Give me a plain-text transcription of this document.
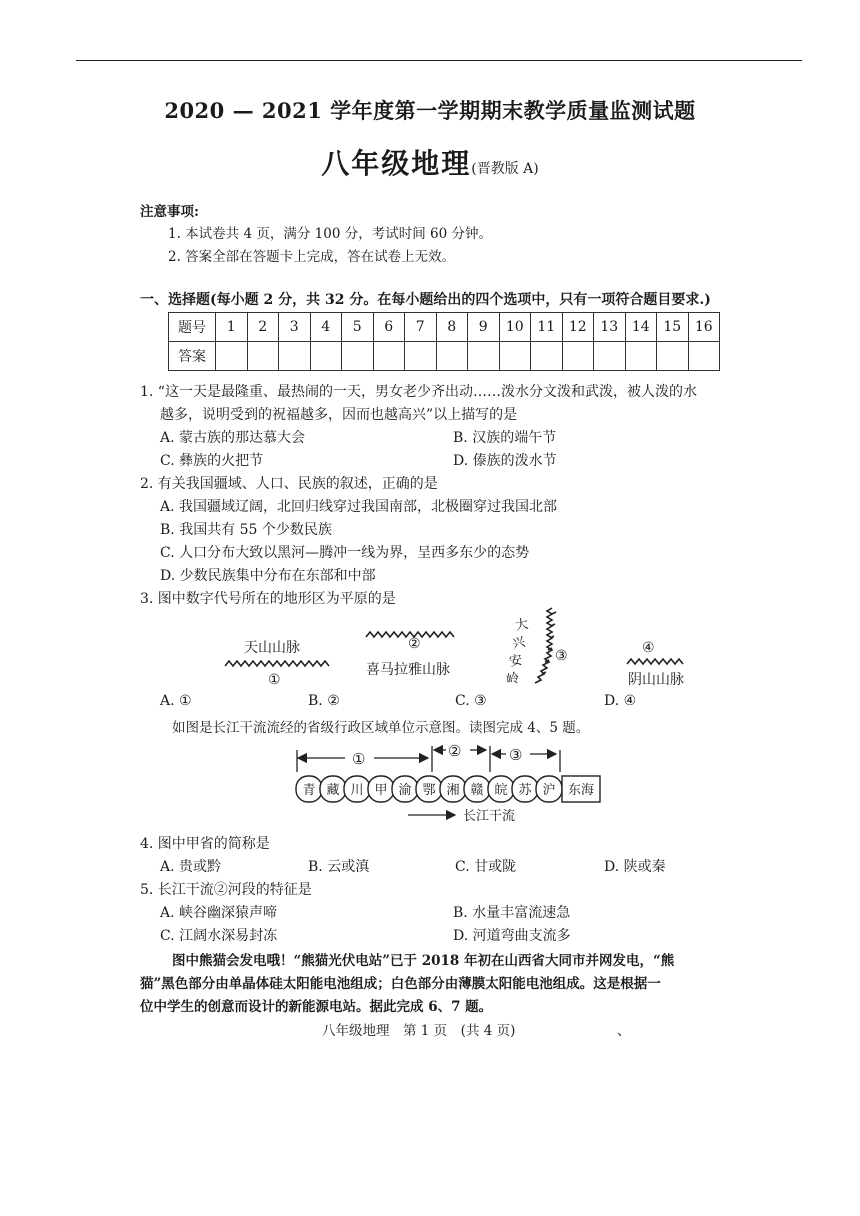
2020 — 2021 学年度第一学期期末教学质量监测试题
八年级地理(晋教版 A)
注意事项:
1. 本试卷共 4 页，满分 100 分，考试时间 60 分钟。
2. 答案全部在答题卡上完成，答在试卷上无效。
一、选择题(每小题 2 分，共 32 分。在每小题给出的四个选项中，只有一项符合题目要求.)
题号	1	2	3	4	5	6	7	8	9	10	11	12	13	14	15	16
答案																
1. “这一天是最隆重、最热闹的一天，男女老少齐出动……泼水分文泼和武泼，被人泼的水
越多，说明受到的祝福越多，因而也越高兴”以上描写的是
A. 蒙古族的那达慕大会	B. 汉族的端午节
C. 彝族的火把节	D. 傣族的泼水节
2. 有关我国疆域、人口、民族的叙述，正确的是
A. 我国疆域辽阔，北回归线穿过我国南部，北极圈穿过我国北部
B. 我国共有 55 个少数民族
C. 人口分布大致以黑河—腾冲一线为界，呈西多东少的态势
D. 少数民族集中分布在东部和中部
3. 图中数字代号所在的地形区为平原的是
天山山脉
①
②
喜马拉雅山脉
大
兴
安
岭
③	④
阴山山脉
A. ①	B. ②	C. ③	D. ④
如图是长江干流流经的省级行政区域单位示意图。读图完成 4、5 题。
①	②	③
青 藏 川 甲 渝 鄂 湘 赣 皖 苏 沪 东海
长江干流
4. 图中甲省的简称是
A. 贵或黔	B. 云或滇	C. 甘或陇	D. 陕或秦
5. 长江干流②河段的特征是
A. 峡谷幽深猿声啼	B. 水量丰富流速急
C. 江阔水深易封冻	D. 河道弯曲支流多
图中熊猫会发电哦！“熊猫光伏电站”已于 2018 年初在山西省大同市并网发电，“熊
猫”黑色部分由单晶体硅太阳能电池组成；白色部分由薄膜太阳能电池组成。这是根据一
位中学生的创意而设计的新能源电站。据此完成 6、7 题。
八年级地理　第 1 页　(共 4 页)	、
